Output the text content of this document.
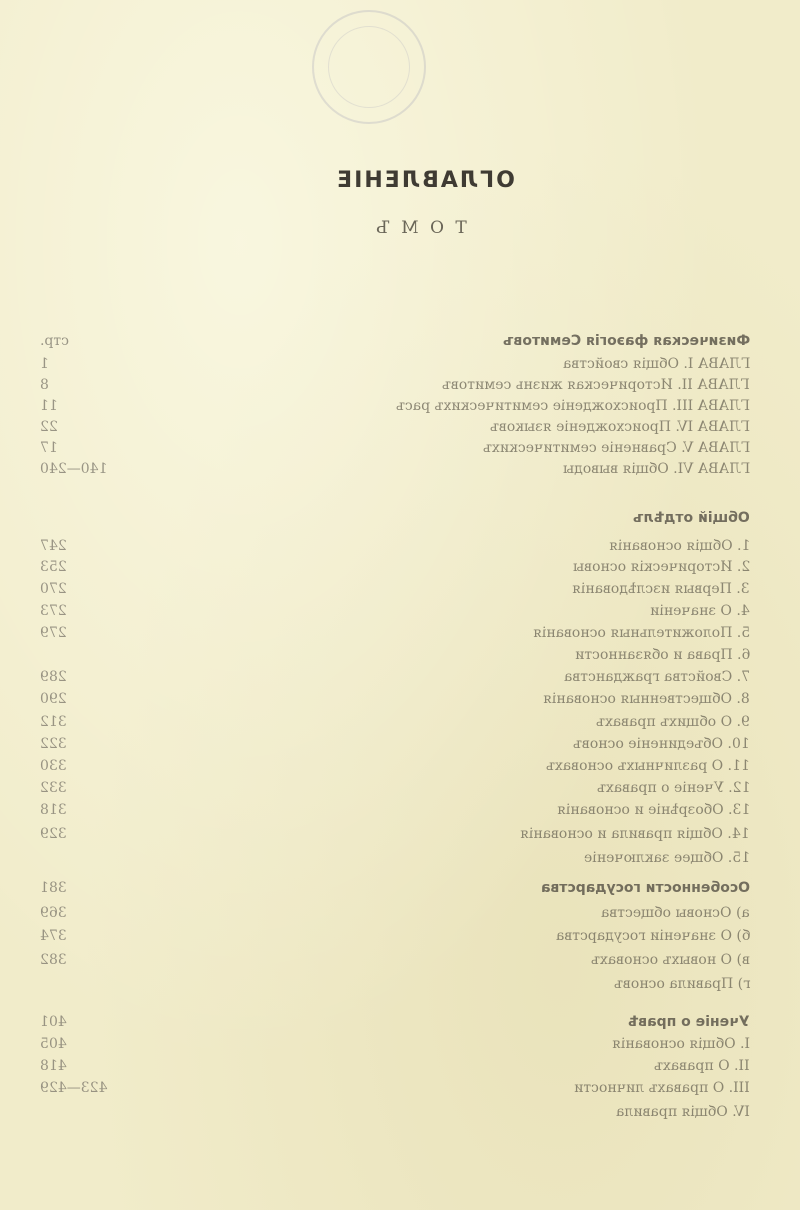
ОГЛАВЛЕНІЕ
Т О М Ъ
Физическая фаэогія Семитовъ
стр.
ГЛАВА I. Общія свойства
1
ГЛАВА II. Историческая жизнь семитовъ
8
ГЛАВА III. Происхожденіе семитическихъ расъ
11
ГЛАВА IV. Происхожденіе языковъ
22
ГЛАВА V. Сравненіе семитическихъ
17
ГЛАВА VI. Общія выводы
140—240
Общій отдѣлъ
1. Общія основанія
247
2. Историческія основы
253
3. Первыя изслѣдованія
270
4. О значеніи
273
5. Положительныя основанія
279
6. Права и обязанности
7. Свойства гражданства
289
8. Общественныя основанія
290
9. О общихъ правахъ
312
10. Объединеніе основъ
322
11. О различныхъ основахъ
330
12. Ученіе о правахъ
332
13. Обозрѣніе и основанія
318
14. Общія правила и основанія
329
15. Общее заключеніе
Особенности государства
381
а) Основы общества
369
б) О значеніи государства
374
в) О новыхъ основахъ
382
г) Правила основъ
Ученіе о правѣ
401
I. Общія основанія
405
II. О правахъ
418
III. О правахъ личности
423—429
IV. Общія правила
